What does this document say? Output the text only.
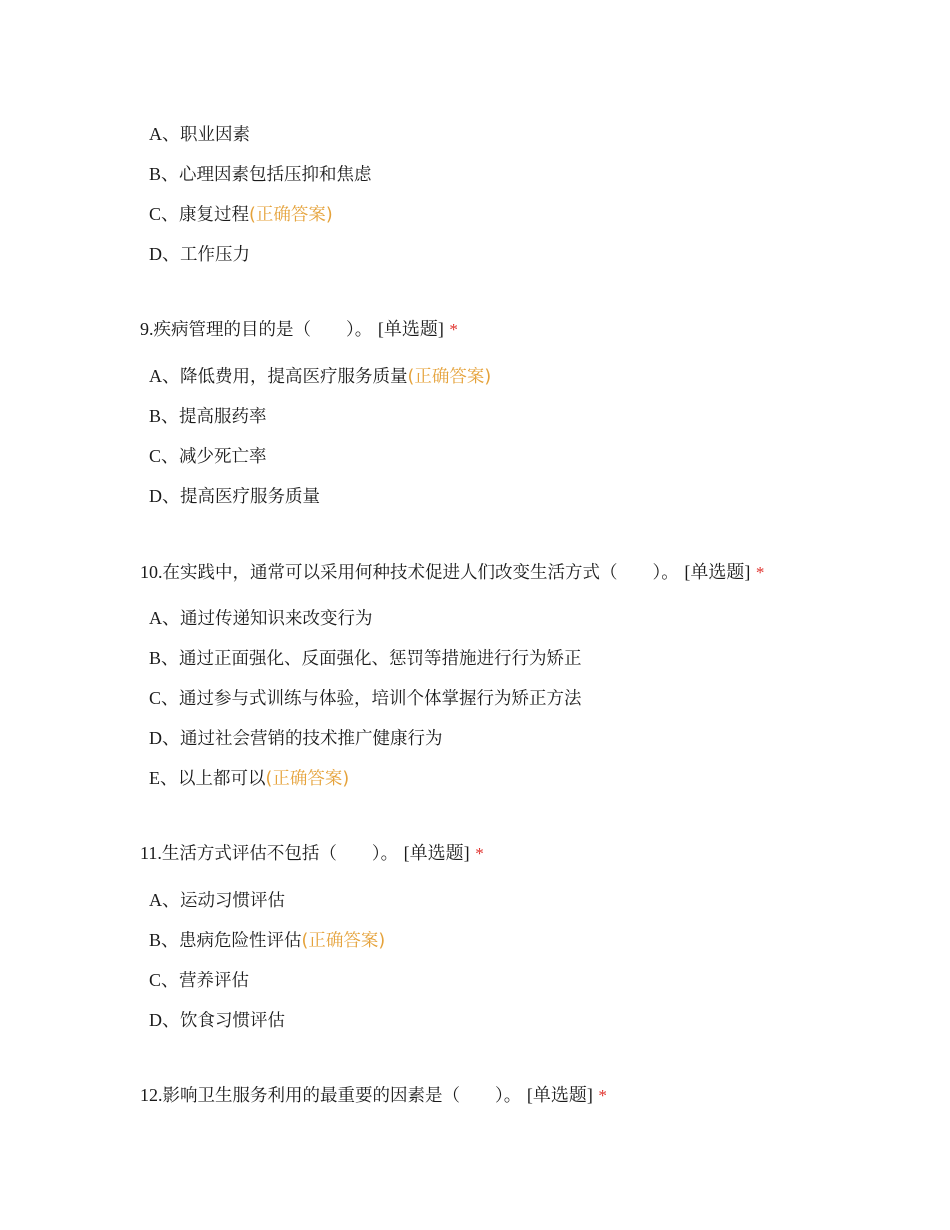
A、职业因素
B、心理因素包括压抑和焦虑
C、康复过程(正确答案)
D、工作压力
9.疾病管理的目的是（　　）。 [单选题] *
A、降低费用，提高医疗服务质量(正确答案)
B、提高服药率
C、减少死亡率
D、提高医疗服务质量
10.在实践中，通常可以采用何种技术促进人们改变生活方式（　　）。 [单选题] *
A、通过传递知识来改变行为
B、通过正面强化、反面强化、惩罚等措施进行行为矫正
C、通过参与式训练与体验，培训个体掌握行为矫正方法
D、通过社会营销的技术推广健康行为
E、以上都可以(正确答案)
11.生活方式评估不包括（　　）。 [单选题] *
A、运动习惯评估
B、患病危险性评估(正确答案)
C、营养评估
D、饮食习惯评估
12.影响卫生服务利用的最重要的因素是（　　）。 [单选题] *
